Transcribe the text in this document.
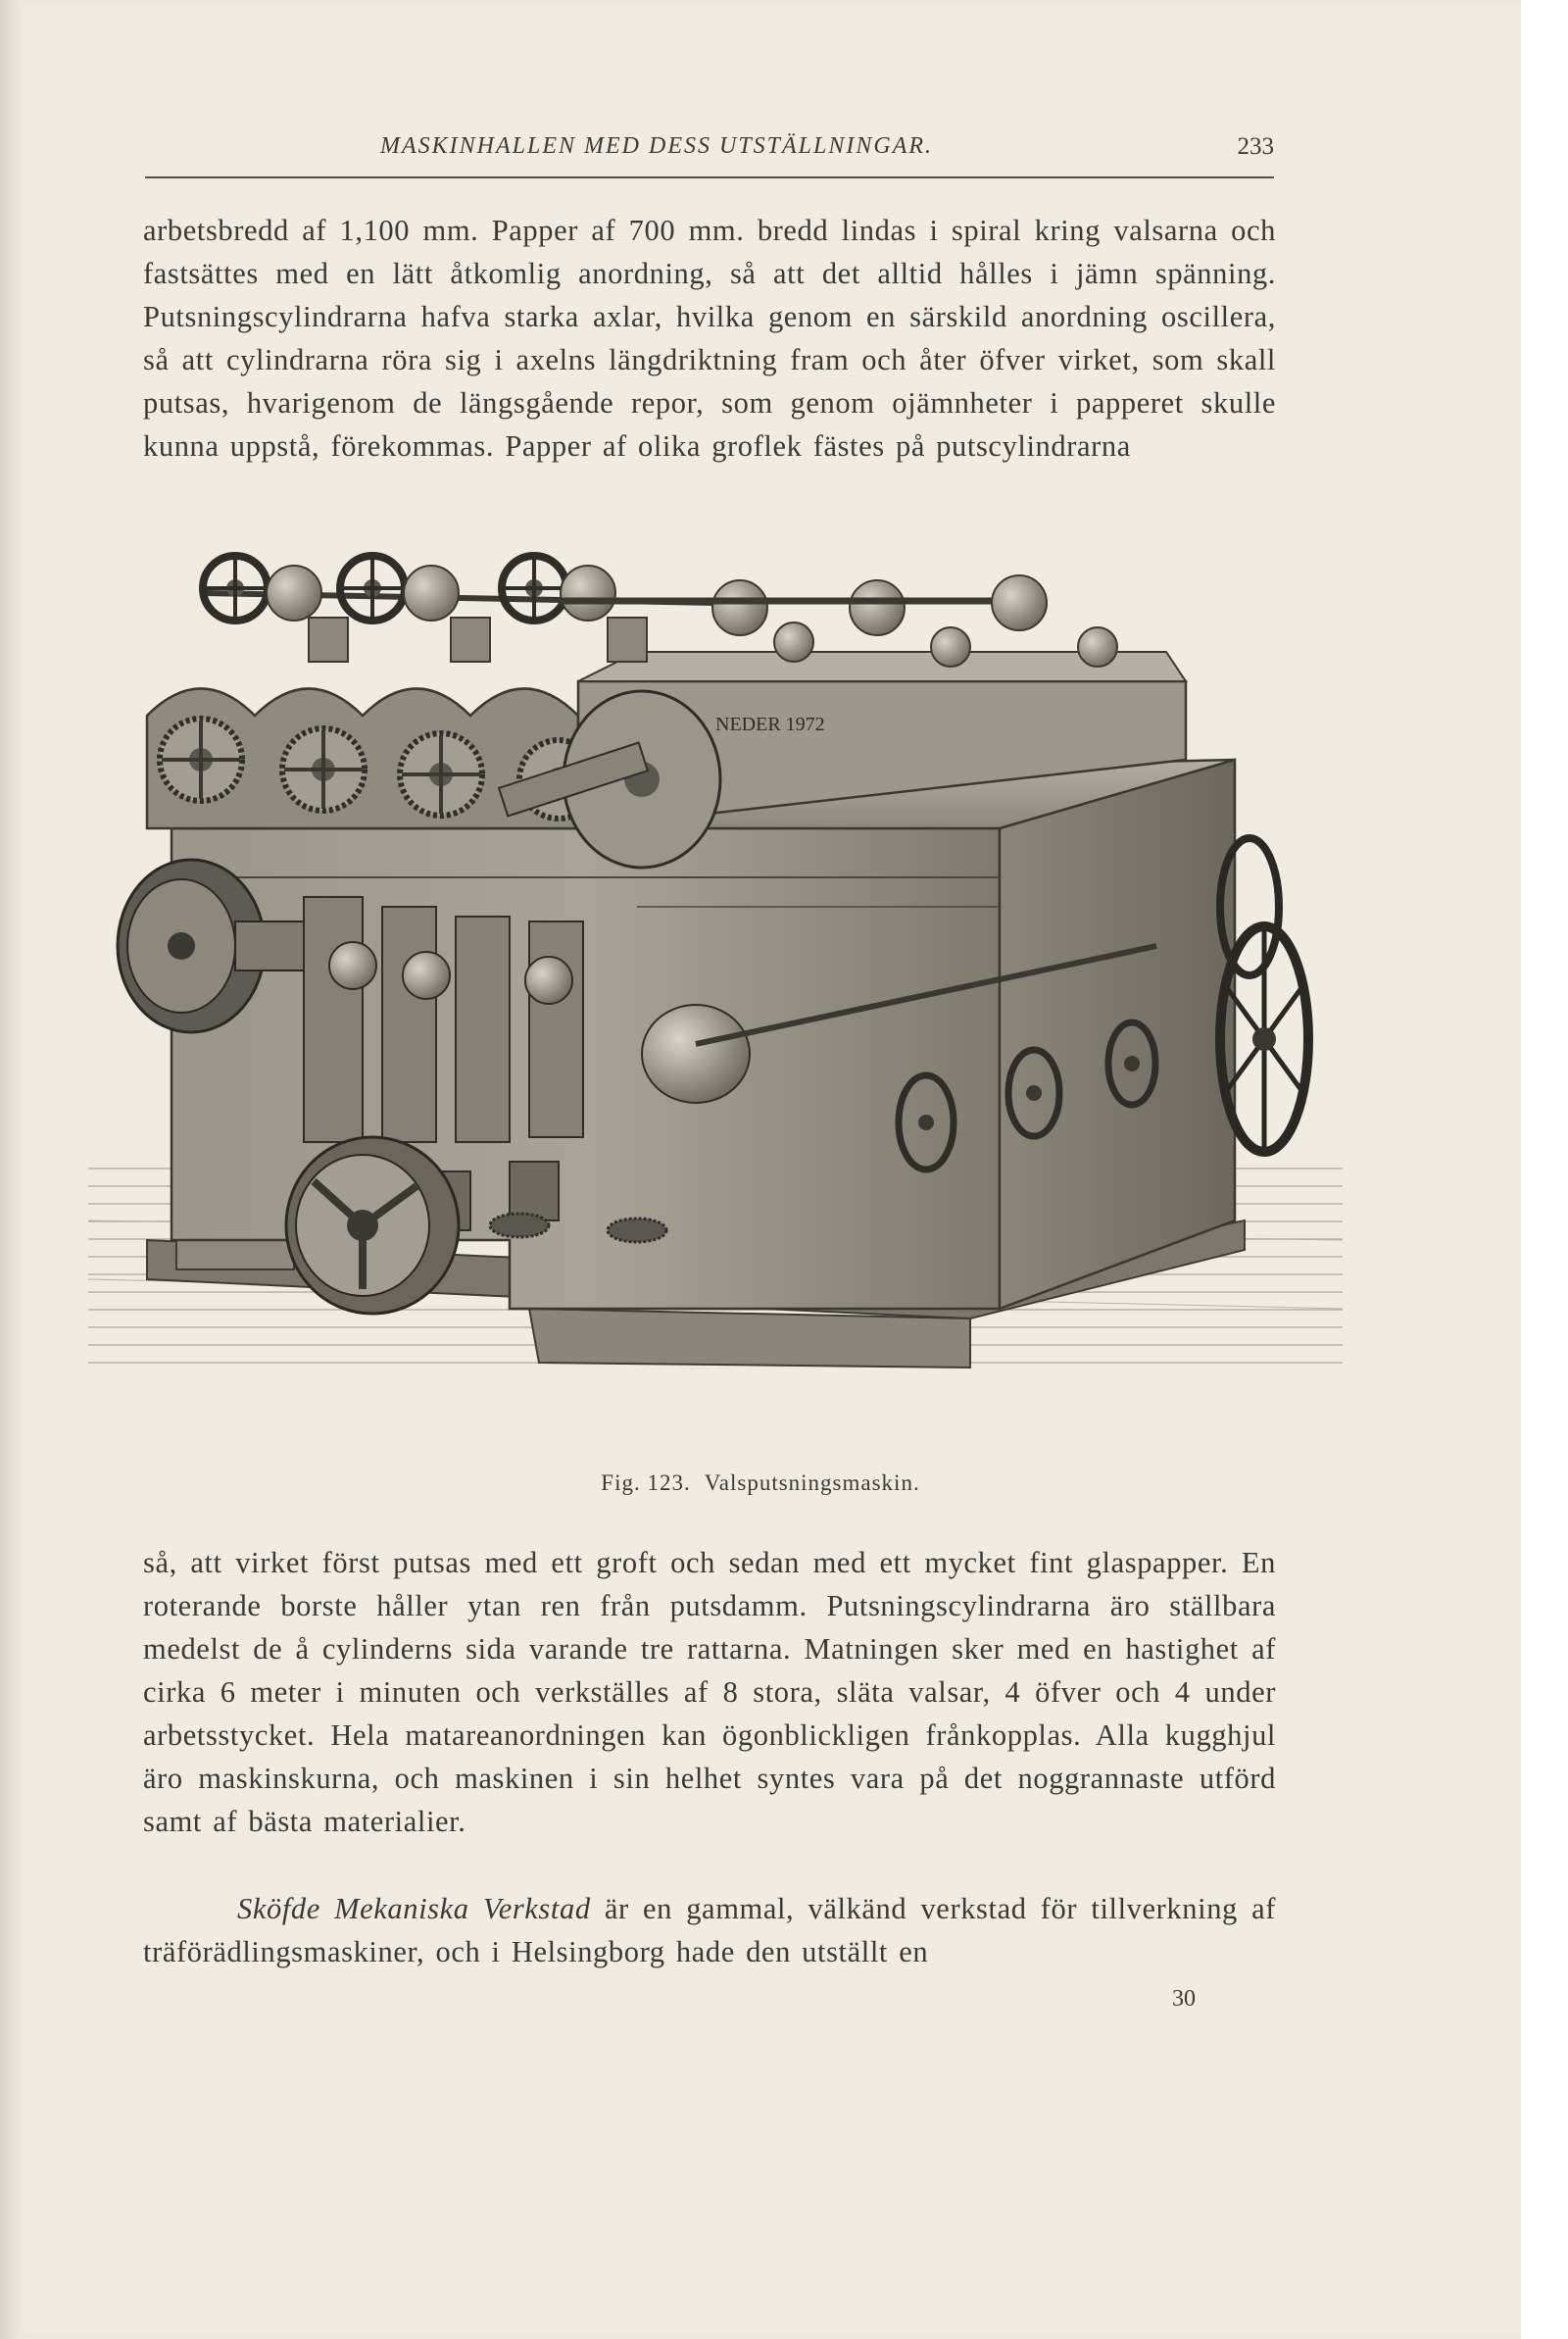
MASKINHALLEN MED DESS UTSTÄLLNINGAR.	233

arbetsbredd af 1,100 mm. Papper af 700 mm. bredd lindas i spiral kring valsarna och fastsättes med en lätt åtkomlig anordning, så att det alltid hålles i jämn spänning. Putsningscylindrarna hafva starka axlar, hvilka genom en särskild anordning oscillera, så att cylindrarna röra sig i axelns längdriktning fram och åter öfver virket, som skall putsas, hvarigenom de längsgående repor, som genom ojämnheter i papperet skulle kunna uppstå, förekommas. Papper af olika groflek fästes på putscylindrarna

NEDER 1972
Fig. 123. Valsputsningsmaskin.

så, att virket först putsas med ett groft och sedan med ett mycket fint glaspapper. En roterande borste håller ytan ren från putsdamm. Putsningscylindrarna äro ställbara medelst de å cylinderns sida varande tre rattarna. Matningen sker med en hastighet af cirka 6 meter i minuten och verkställes af 8 stora, släta valsar, 4 öfver och 4 under arbetsstycket. Hela matareanordningen kan ögonblickligen frånkopplas. Alla kugghjul äro maskinskurna, och maskinen i sin helhet syntes vara på det noggrannaste utförd samt af bästa materialier.

Sköfde Mekaniska Verkstad är en gammal, välkänd verkstad för tillverkning af träförädlingsmaskiner, och i Helsingborg hade den utställt en

30
